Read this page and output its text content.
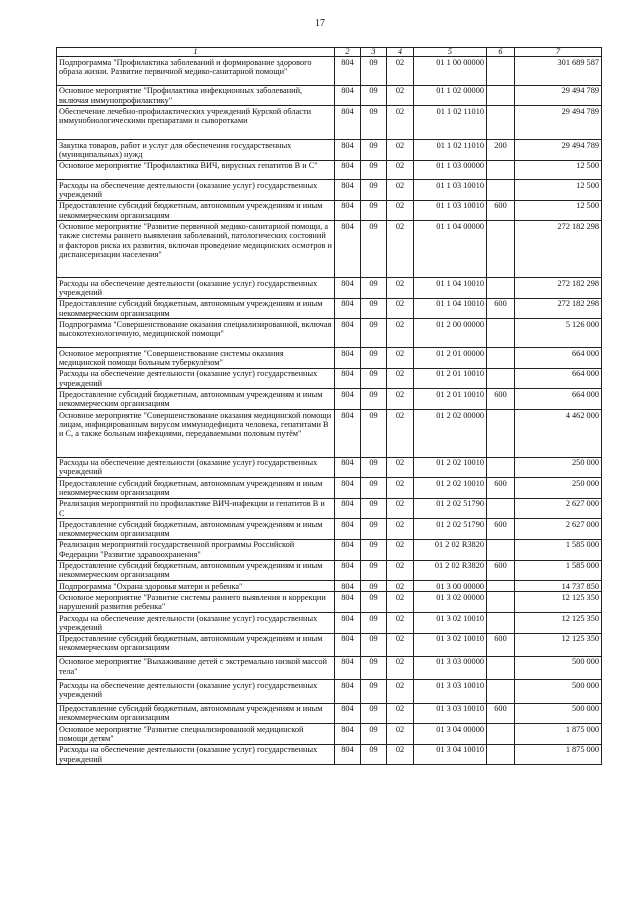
17
1	2	3	4	5	6	7
Подпрограмма "Профилактика заболеваний и формирование здорового образа жизни. Развитие первичной медико-санитарной помощи"	804	09	02	01 1 00 00000		301 689 587
Основное мероприятие "Профилактика инфекционных заболеваний, включая иммунопрофилактику"	804	09	02	01 1 02 00000		29 494 789
Обеспечение лечебно-профилактических учреждений Курской области иммунобиологическими препаратами и сыворотками	804	09	02	01 1 02 11010		29 494 789
Закупка товаров, работ и услуг для обеспечения государственных (муниципальных) нужд	804	09	02	01 1 02 11010	200	29 494 789
Основное мероприятие "Профилактика ВИЧ, вирусных гепатитов В и С"	804	09	02	01 1 03 00000		12 500
Расходы на обеспечение деятельности (оказание услуг) государственных учреждений	804	09	02	01 1 03 10010		12 500
Предоставление субсидий бюджетным, автономным учреждениям и иным некоммерческим организациям	804	09	02	01 1 03 10010	600	12 500
Основное мероприятие "Развитие первичной медико-санитарной помощи, а также системы раннего выявления заболеваний, патологических состояний и факторов риска их развития, включая проведение медицинских осмотров и диспансеризации населения"	804	09	02	01 1 04 00000		272 182 298
Расходы на обеспечение деятельности (оказание услуг) государственных учреждений	804	09	02	01 1 04 10010		272 182 298
Предоставление субсидий бюджетным, автономным учреждениям и иным некоммерческим организациям	804	09	02	01 1 04 10010	600	272 182 298
Подпрограмма "Совершенствование оказания специализированной, включая высокотехнологичную, медицинской помощи"	804	09	02	01 2 00 00000		5 126 000
Основное мероприятие "Совершенствование системы оказания медицинской помощи больным туберкулёзом"	804	09	02	01 2 01 00000		664 000
Расходы на обеспечение деятельности (оказание услуг) государственных учреждений	804	09	02	01 2 01 10010		664 000
Предоставление субсидий бюджетным, автономным учреждениям и иным некоммерческим организациям	804	09	02	01 2 01 10010	600	664 000
Основное мероприятие "Совершенствование оказания медицинской помощи лицам, инфицированным вирусом иммунодефицита человека, гепатитами В и С, а также больным инфекциями, передаваемыми половым путём"	804	09	02	01 2 02 00000		4 462 000
Расходы на обеспечение деятельности (оказание услуг) государственных учреждений	804	09	02	01 2 02 10010		250 000
Предоставление субсидий бюджетным, автономным учреждениям и иным некоммерческим организациям	804	09	02	01 2 02 10010	600	250 000
Реализация мероприятий по профилактике ВИЧ-инфекции и гепатитов В и С	804	09	02	01 2 02 51790		2 627 000
Предоставление субсидий бюджетным, автономным учреждениям и иным некоммерческим организациям	804	09	02	01 2 02 51790	600	2 627 000
Реализация мероприятий государственной программы Российской Федерации "Развитие здравоохранения"	804	09	02	01 2 02 R3820		1 585 000
Предоставление субсидий бюджетным, автономным учреждениям и иным некоммерческим организациям	804	09	02	01 2 02 R3820	600	1 585 000
Подпрограмма "Охрана здоровья матери и ребенка"	804	09	02	01 3 00 00000		14 737 850
Основное мероприятие "Развитие системы раннего выявления и коррекции нарушений развития ребенка"	804	09	02	01 3 02 00000		12 125 350
Расходы на обеспечение деятельности (оказание услуг) государственных учреждений	804	09	02	01 3 02 10010		12 125 350
Предоставление субсидий бюджетным, автономным учреждениям и иным некоммерческим организациям	804	09	02	01 3 02 10010	600	12 125 350
Основное мероприятие "Выхаживание детей с экстремально низкой массой тела"	804	09	02	01 3 03 00000		500 000
Расходы на обеспечение деятельности (оказание услуг) государственных учреждений	804	09	02	01 3 03 10010		500 000
Предоставление субсидий бюджетным, автономным учреждениям и иным некоммерческим организациям	804	09	02	01 3 03 10010	600	500 000
Основное мероприятие "Развитие специализированной медицинской помощи детям"	804	09	02	01 3 04 00000		1 875 000
Расходы на обеспечение деятельности (оказание услуг) государственных учреждений	804	09	02	01 3 04 10010		1 875 000
